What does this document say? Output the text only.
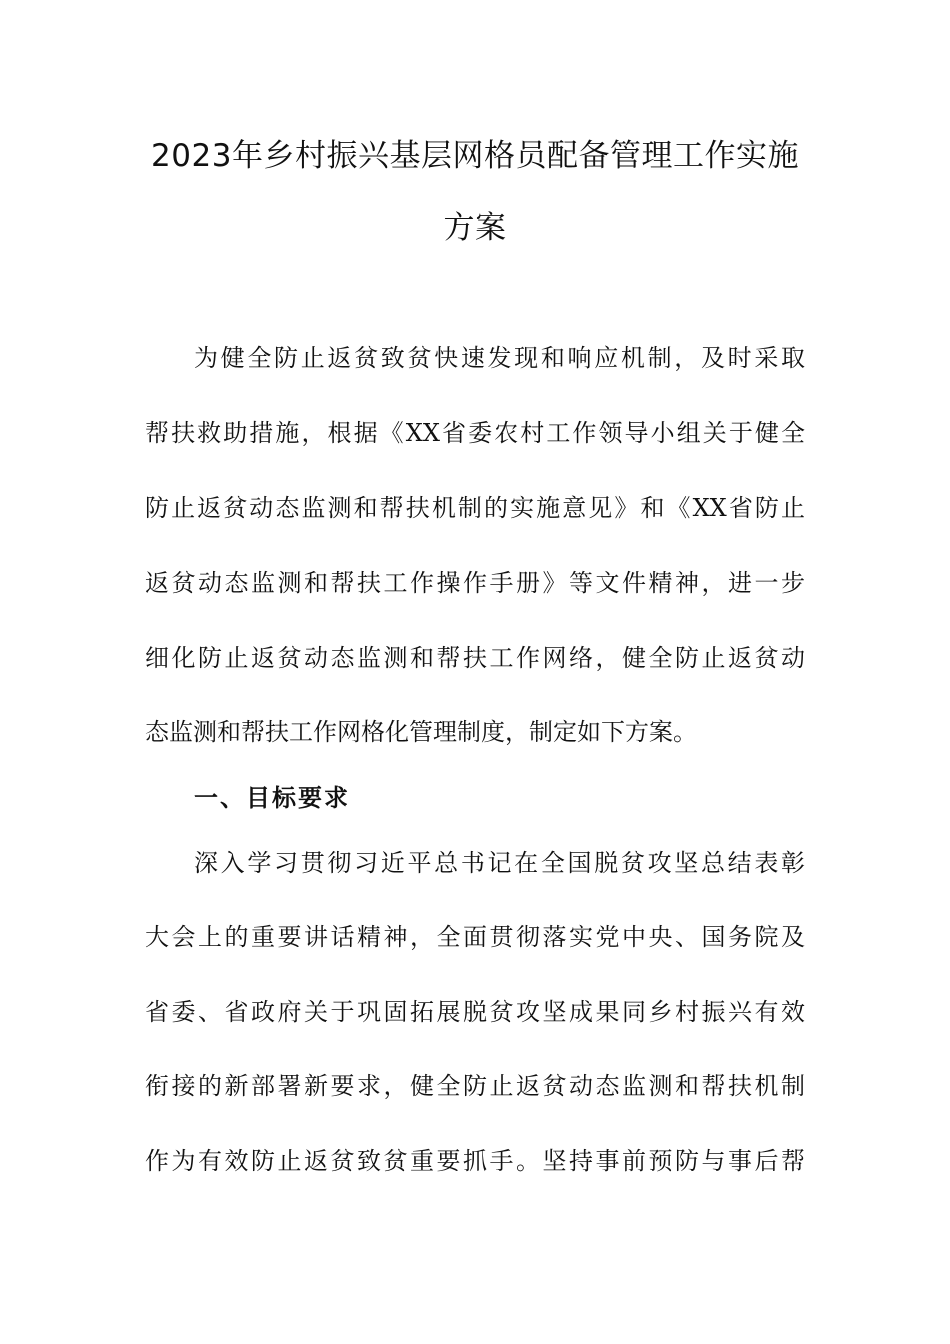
2023年乡村振兴基层网格员配备管理工作实施
方案
为健全防止返贫致贫快速发现和响应机制，及时采取
帮扶救助措施，根据《XX省委农村工作领导小组关于健全
防止返贫动态监测和帮扶机制的实施意见》和《XX省防止
返贫动态监测和帮扶工作操作手册》等文件精神，进一步
细化防止返贫动态监测和帮扶工作网络，健全防止返贫动
态监测和帮扶工作网格化管理制度，制定如下方案。
一、目标要求
深入学习贯彻习近平总书记在全国脱贫攻坚总结表彰
大会上的重要讲话精神，全面贯彻落实党中央、国务院及
省委、省政府关于巩固拓展脱贫攻坚成果同乡村振兴有效
衔接的新部署新要求，健全防止返贫动态监测和帮扶机制
作为有效防止返贫致贫重要抓手。坚持事前预防与事后帮
